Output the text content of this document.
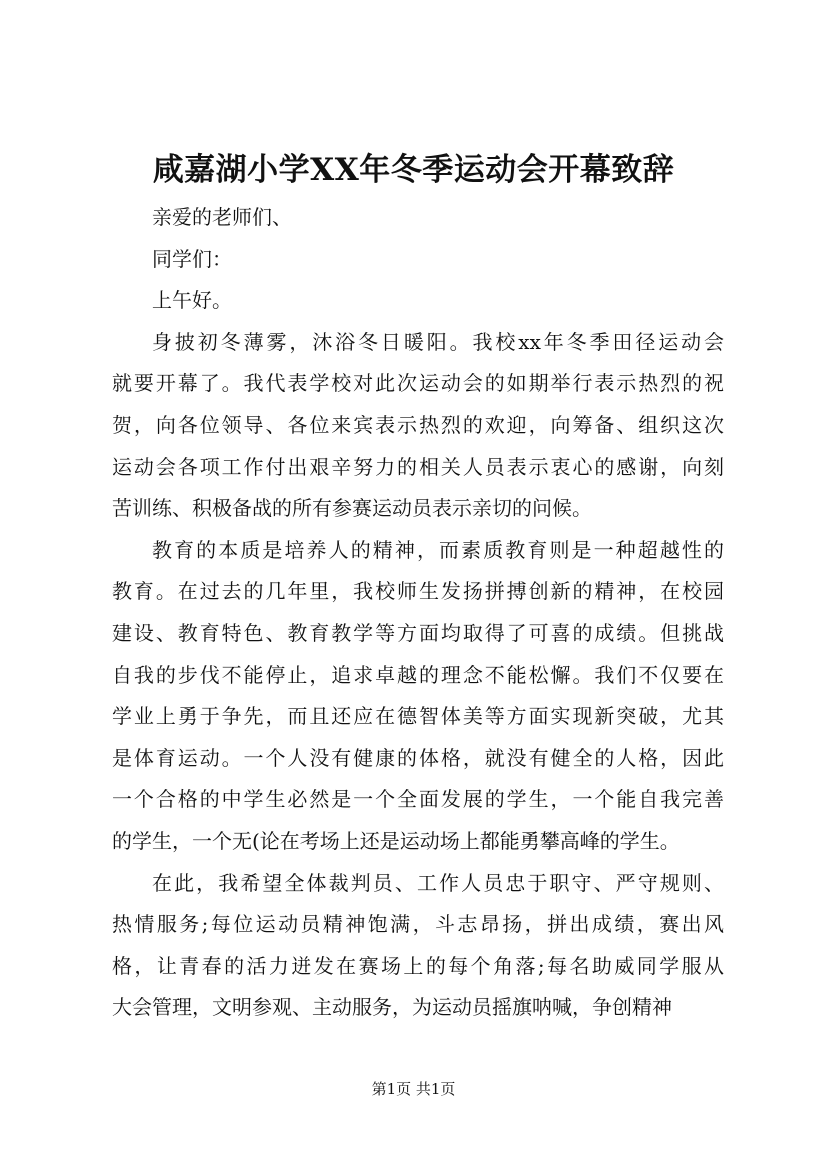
咸嘉湖小学XX年冬季运动会开幕致辞

亲爱的老师们、

同学们：

上午好。

身披初冬薄雾，沐浴冬日暖阳。我校xx年冬季田径运动会

就要开幕了。我代表学校对此次运动会的如期举行表示热烈的祝

贺，向各位领导、各位来宾表示热烈的欢迎，向筹备、组织这次

运动会各项工作付出艰辛努力的相关人员表示衷心的感谢，向刻

苦训练、积极备战的所有参赛运动员表示亲切的问候。

教育的本质是培养人的精神，而素质教育则是一种超越性的

教育。在过去的几年里，我校师生发扬拼搏创新的精神，在校园

建设、教育特色、教育教学等方面均取得了可喜的成绩。但挑战

自我的步伐不能停止，追求卓越的理念不能松懈。我们不仅要在

学业上勇于争先，而且还应在德智体美等方面实现新突破，尤其

是体育运动。一个人没有健康的体格，就没有健全的人格，因此

一个合格的中学生必然是一个全面发展的学生，一个能自我完善

的学生，一个无(论在考场上还是运动场上都能勇攀高峰的学生。

在此，我希望全体裁判员、工作人员忠于职守、严守规则、

热情服务;每位运动员精神饱满，斗志昂扬，拼出成绩，赛出风

格，让青春的活力迸发在赛场上的每个角落;每名助威同学服从

大会管理，文明参观、主动服务，为运动员摇旗呐喊，争创精神

第1页 共1页
